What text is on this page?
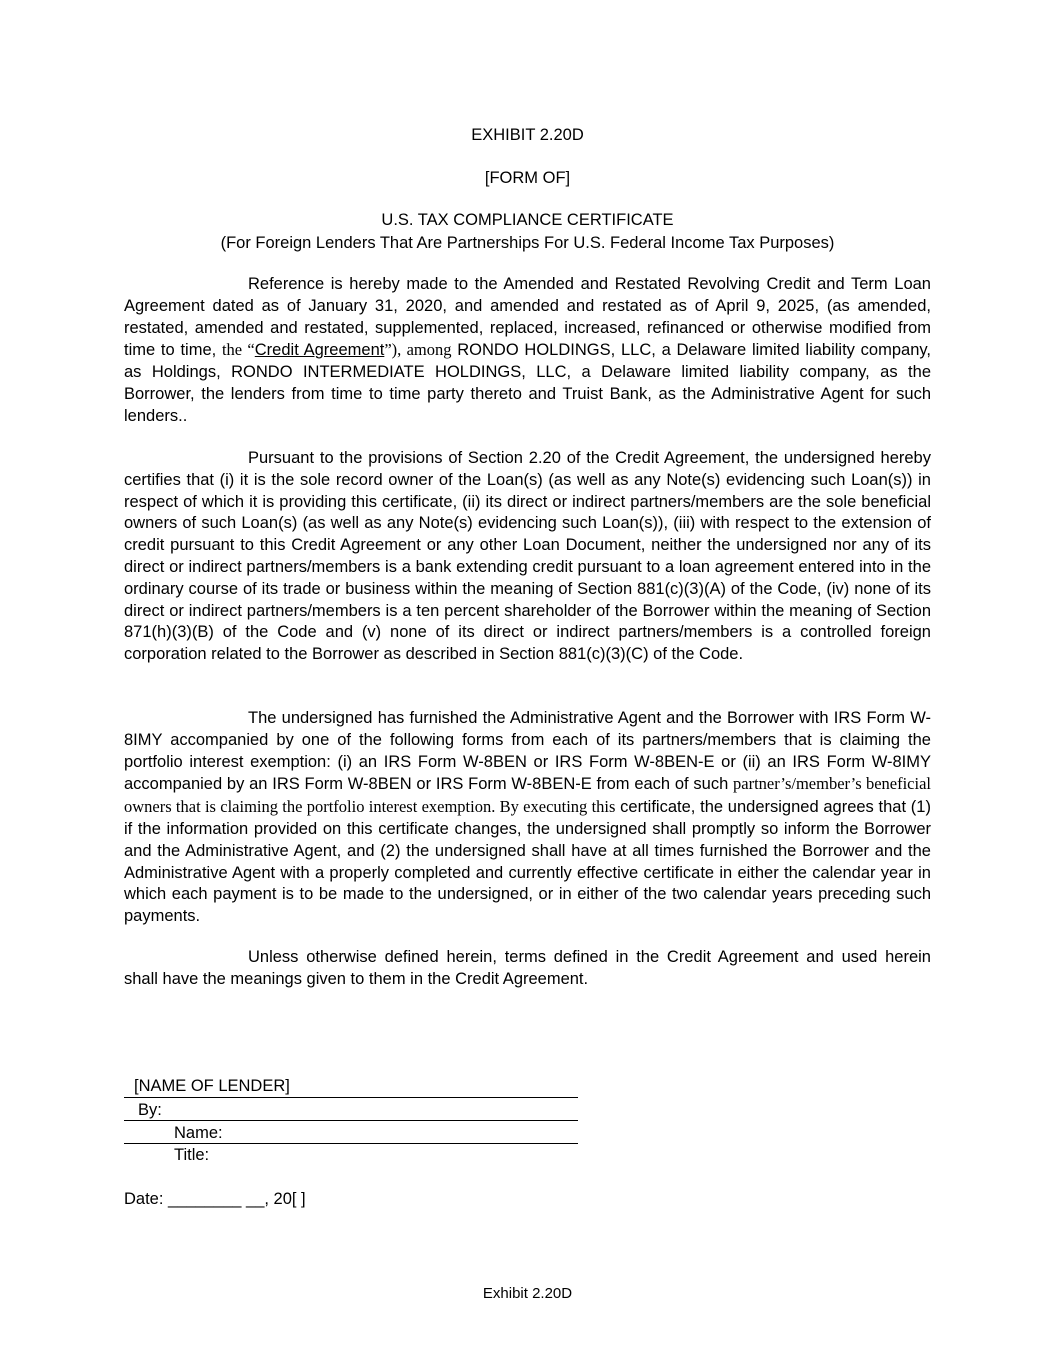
EXHIBIT 2.20D
[FORM OF]
U.S. TAX COMPLIANCE CERTIFICATE
(For Foreign Lenders That Are Partnerships For U.S. Federal Income Tax Purposes)

Reference is hereby made to the Amended and Restated Revolving Credit and Term Loan Agreement dated as of January 31, 2020, and amended and restated as of April 9, 2025, (as amended, restated, amended and restated, supplemented, replaced, increased, refinanced or otherwise modified from time to time, the “Credit Agreement”), among RONDO HOLDINGS, LLC, a Delaware limited liability company, as Holdings, RONDO INTERMEDIATE HOLDINGS, LLC, a Delaware limited liability company, as the Borrower, the lenders from time to time party thereto and Truist Bank, as the Administrative Agent for such lenders..

Pursuant to the provisions of Section 2.20 of the Credit Agreement, the undersigned hereby certifies that (i) it is the sole record owner of the Loan(s) (as well as any Note(s) evidencing such Loan(s)) in respect of which it is providing this certificate, (ii) its direct or indirect partners/members are the sole beneficial owners of such Loan(s) (as well as any Note(s) evidencing such Loan(s)), (iii) with respect to the extension of credit pursuant to this Credit Agreement or any other Loan Document, neither the undersigned nor any of its direct or indirect partners/members is a bank extending credit pursuant to a loan agreement entered into in the ordinary course of its trade or business within the meaning of Section 881(c)(3)(A) of the Code, (iv) none of its direct or indirect partners/members is a ten percent shareholder of the Borrower within the meaning of Section 871(h)(3)(B) of the Code and (v) none of its direct or indirect partners/members is a controlled foreign corporation related to the Borrower as described in Section 881(c)(3)(C) of the Code.

The undersigned has furnished the Administrative Agent and the Borrower with IRS Form W-8IMY accompanied by one of the following forms from each of its partners/members that is claiming the portfolio interest exemption: (i) an IRS Form W-8BEN or IRS Form W-8BEN-E or (ii) an IRS Form W-8IMY accompanied by an IRS Form W-8BEN or IRS Form W-8BEN-E from each of such partner’s/member’s beneficial owners that is claiming the portfolio interest exemption. By executing this certificate, the undersigned agrees that (1) if the information provided on this certificate changes, the undersigned shall promptly so inform the Borrower and the Administrative Agent, and (2) the undersigned shall have at all times furnished the Borrower and the Administrative Agent with a properly completed and currently effective certificate in either the calendar year in which each payment is to be made to the undersigned, or in either of the two calendar years preceding such payments.

Unless otherwise defined herein, terms defined in the Credit Agreement and used herein shall have the meanings given to them in the Credit Agreement.

[NAME OF LENDER]
By:
Name:
Title:
Date: ________ __, 20[ ]
Exhibit 2.20D
